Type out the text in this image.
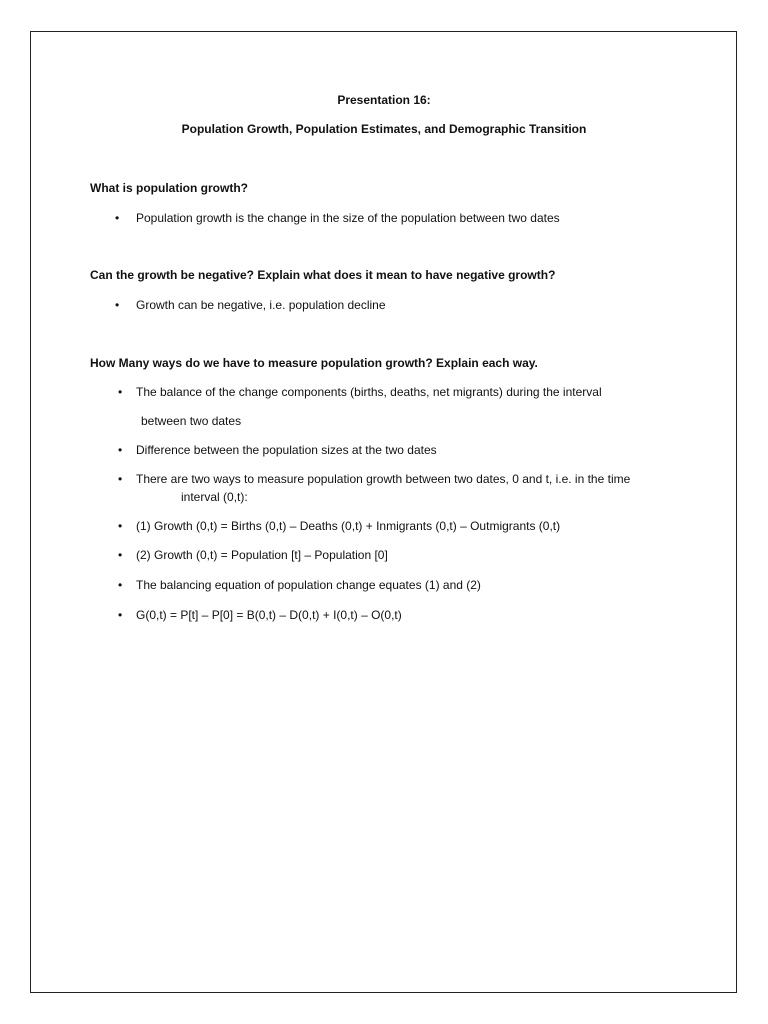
Presentation 16:
Population Growth, Population Estimates, and Demographic Transition
What is population growth?
• Population growth is the change in the size of the population between two dates
Can the growth be negative? Explain what does it mean to have negative growth?
• Growth can be negative, i.e. population decline
How Many ways do we have to measure population growth? Explain each way.
• The balance of the change components (births, deaths, net migrants) during the interval
between two dates
• Difference between the population sizes at the two dates
• There are two ways to measure population growth between two dates, 0 and t, i.e. in the time
interval (0,t):
• (1) Growth (0,t) = Births (0,t) – Deaths (0,t) + Inmigrants (0,t) – Outmigrants (0,t)
• (2) Growth (0,t) = Population [t] – Population [0]
• The balancing equation of population change equates (1) and (2)
• G(0,t) = P[t] – P[0] = B(0,t) – D(0,t) + I(0,t) – O(0,t)
